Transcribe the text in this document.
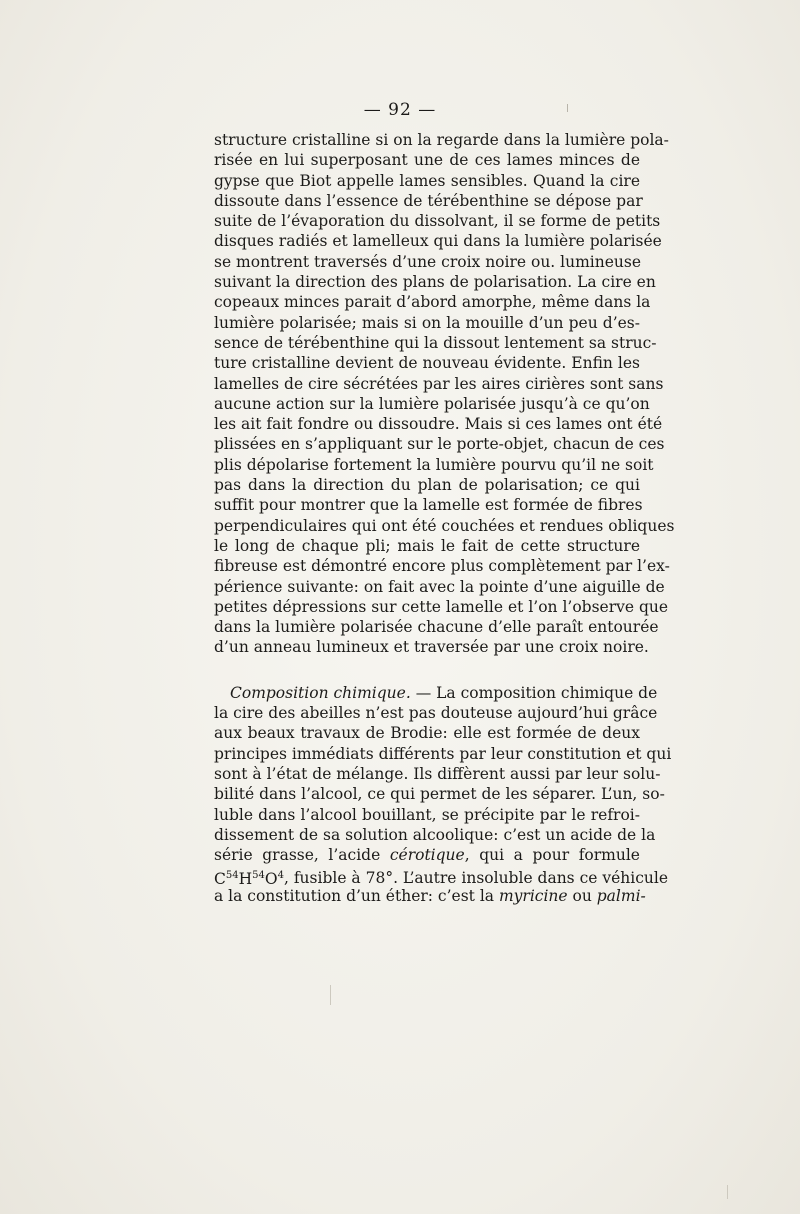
— 92 —
structure cristalline si on la regarde dans la lumière pola-
risée en lui superposant une de ces lames minces de
gypse que Biot appelle lames sensibles. Quand la cire
dissoute dans l’essence de térébenthine se dépose par
suite de l’évaporation du dissolvant, il se forme de petits
disques radiés et lamelleux qui dans la lumière polarisée
se montrent traversés d’une croix noire ou. lumineuse
suivant la direction des plans de polarisation. La cire en
copeaux minces parait d’abord amorphe, même dans la
lumière polarisée; mais si on la mouille d’un peu d’es-
sence de térébenthine qui la dissout lentement sa struc-
ture cristalline devient de nouveau évidente. Enfin les
lamelles de cire sécrétées par les aires cirières sont sans
aucune action sur la lumière polarisée jusqu’à ce qu’on
les ait fait fondre ou dissoudre. Mais si ces lames ont été
plissées en s’appliquant sur le porte-objet, chacun de ces
plis dépolarise fortement la lumière pourvu qu’il ne soit
pas dans la direction du plan de polarisation; ce qui
suffit pour montrer que la lamelle est formée de fibres
perpendiculaires qui ont été couchées et rendues obliques
le long de chaque pli; mais le fait de cette structure
fibreuse est démontré encore plus complètement par l’ex-
périence suivante: on fait avec la pointe d’une aiguille de
petites dépressions sur cette lamelle et l’on l’observe que
dans la lumière polarisée chacune d’elle paraît entourée
d’un anneau lumineux et traversée par une croix noire.
Composition chimique. — La composition chimique de
la cire des abeilles n’est pas douteuse aujourd’hui grâce
aux beaux travaux de Brodie: elle est formée de deux
principes immédiats différents par leur constitution et qui
sont à l’état de mélange. Ils diffèrent aussi par leur solu-
bilité dans l’alcool, ce qui permet de les séparer. L’un, so-
luble dans l’alcool bouillant, se précipite par le refroi-
dissement de sa solution alcoolique: c’est un acide de la
série grasse, l’acide cérotique, qui a pour formule
$C^{54}H^{54}O^4$, fusible à 78°. L’autre insoluble dans ce véhicule
a la constitution d’un éther: c’est la myricine ou palmi-
